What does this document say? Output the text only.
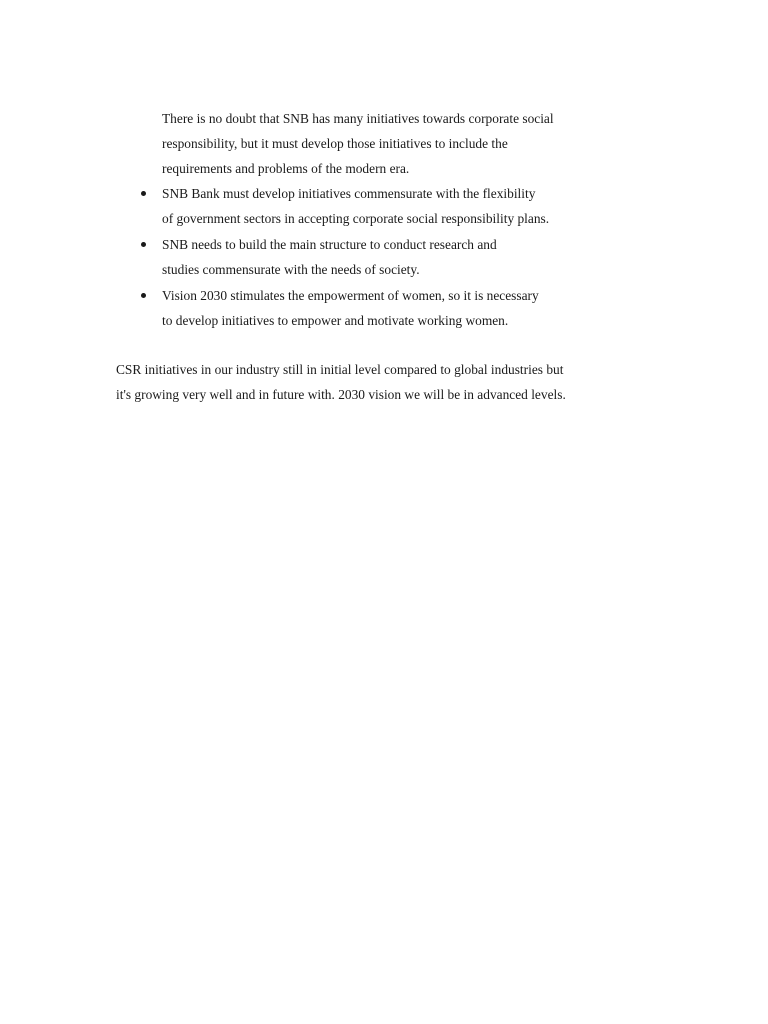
There is no doubt that SNB has many initiatives towards corporate social
responsibility, but it must develop those initiatives to include the
requirements and problems of the modern era.
SNB Bank must develop initiatives commensurate with the flexibility
of government sectors in accepting corporate social responsibility plans.
SNB needs to build the main structure to conduct research and
studies commensurate with the needs of society.
Vision 2030 stimulates the empowerment of women, so it is necessary
to develop initiatives to empower and motivate working women.
CSR initiatives in our industry still in initial level compared to global industries but
it's growing very well and in future with. 2030 vision we will be in advanced levels.
